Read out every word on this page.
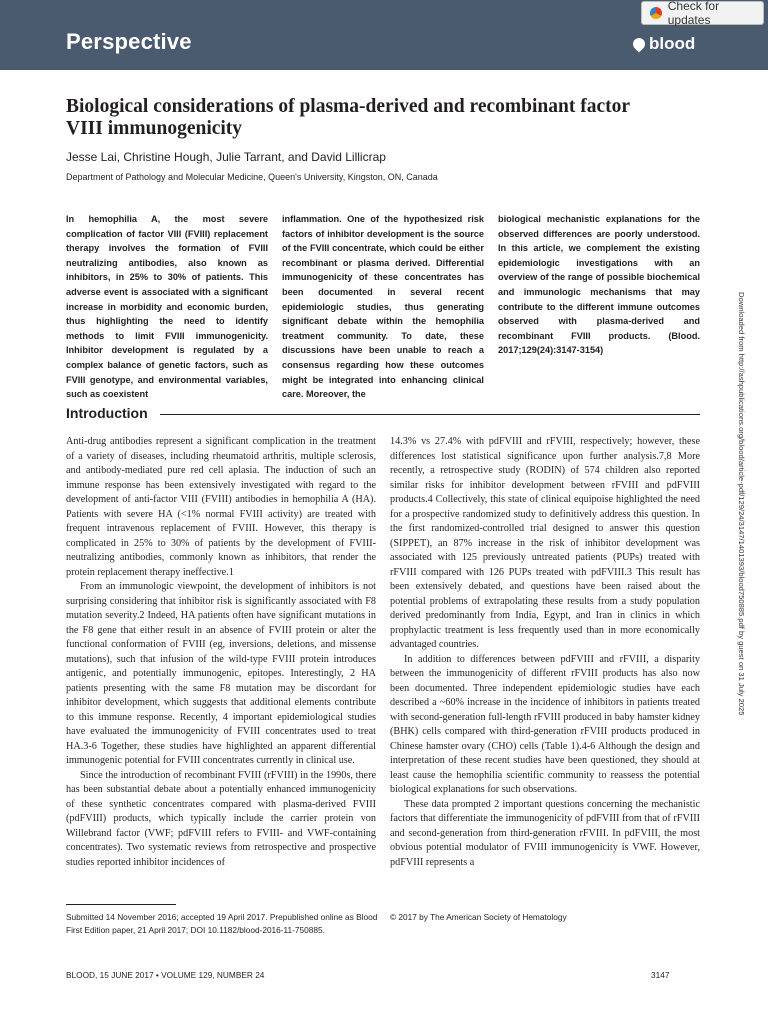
Perspective	blood
Check for updates
Biological considerations of plasma-derived and recombinant factor VIII immunogenicity
Jesse Lai, Christine Hough, Julie Tarrant, and David Lillicrap
Department of Pathology and Molecular Medicine, Queen's University, Kingston, ON, Canada

In hemophilia A, the most severe complication of factor VIII (FVIII) replacement therapy involves the formation of FVIII neutralizing antibodies, also known as inhibitors, in 25% to 30% of patients. This adverse event is associated with a significant increase in morbidity and economic burden, thus highlighting the need to identify methods to limit FVIII immunogenicity. Inhibitor development is regulated by a complex balance of genetic factors, such as FVIII genotype, and environmental variables, such as coexistent

inflammation. One of the hypothesized risk factors of inhibitor development is the source of the FVIII concentrate, which could be either recombinant or plasma derived. Differential immunogenicity of these concentrates has been documented in several recent epidemiologic studies, thus generating significant debate within the hemophilia treatment community. To date, these discussions have been unable to reach a consensus regarding how these outcomes might be integrated into enhancing clinical care. Moreover, the

biological mechanistic explanations for the observed differences are poorly understood. In this article, we complement the existing epidemiologic investigations with an overview of the range of possible biochemical and immunologic mechanisms that may contribute to the different immune outcomes observed with plasma-derived and recombinant FVIII products. (Blood. 2017;129(24):3147-3154)

Introduction

Anti-drug antibodies represent a significant complication in the treatment of a variety of diseases, including rheumatoid arthritis, multiple sclerosis, and antibody-mediated pure red cell aplasia. The induction of such an immune response has been extensively investigated with regard to the development of anti-factor VIII (FVIII) antibodies in hemophilia A (HA). Patients with severe HA (<1% normal FVIII activity) are treated with frequent intravenous replacement of FVIII. However, this therapy is complicated in 25% to 30% of patients by the development of FVIII-neutralizing antibodies, commonly known as inhibitors, that render the protein replacement therapy ineffective.1

From an immunologic viewpoint, the development of inhibitors is not surprising considering that inhibitor risk is significantly associated with F8 mutation severity.2 Indeed, HA patients often have significant mutations in the F8 gene that either result in an absence of FVIII protein or alter the functional conformation of FVIII (eg, inversions, deletions, and missense mutations), such that infusion of the wild-type FVIII protein introduces antigenic, and potentially immunogenic, epitopes. Interestingly, 2 HA patients presenting with the same F8 mutation may be discordant for inhibitor development, which suggests that additional elements contribute to this immune response. Recently, 4 important epidemiological studies have evaluated the immunogenicity of FVIII concentrates used to treat HA.3-6 Together, these studies have highlighted an apparent differential immunogenic potential for FVIII concentrates currently in clinical use.

Since the introduction of recombinant FVIII (rFVIII) in the 1990s, there has been substantial debate about a potentially enhanced immunogenicity of these synthetic concentrates compared with plasma-derived FVIII (pdFVIII) products, which typically include the carrier protein von Willebrand factor (VWF; pdFVIII refers to FVIII- and VWF-containing concentrates). Two systematic reviews from retrospective and prospective studies reported inhibitor incidences of

14.3% vs 27.4% with pdFVIII and rFVIII, respectively; however, these differences lost statistical significance upon further analysis.7,8 More recently, a retrospective study (RODIN) of 574 children also reported similar risks for inhibitor development between rFVIII and pdFVIII products.4 Collectively, this state of clinical equipoise highlighted the need for a prospective randomized study to definitively address this question. In the first randomized-controlled trial designed to answer this question (SIPPET), an 87% increase in the risk of inhibitor development was associated with 125 previously untreated patients (PUPs) treated with rFVIII compared with 126 PUPs treated with pdFVIII.3 This result has been extensively debated, and questions have been raised about the potential problems of extrapolating these results from a study population derived predominantly from India, Egypt, and Iran in clinics in which prophylactic treatment is less frequently used than in more economically advantaged countries.

In addition to differences between pdFVIII and rFVIII, a disparity between the immunogenicity of different rFVIII products has also now been documented. Three independent epidemiologic studies have each described a ~60% increase in the incidence of inhibitors in patients treated with second-generation full-length rFVIII produced in baby hamster kidney (BHK) cells compared with third-generation rFVIII products produced in Chinese hamster ovary (CHO) cells (Table 1).4-6 Although the design and interpretation of these recent studies have been questioned, they should at least cause the hemophilia scientific community to reassess the potential biological explanations for such observations.

These data prompted 2 important questions concerning the mechanistic factors that differentiate the immunogenicity of pdFVIII from that of rFVIII and second-generation from third-generation rFVIII. In pdFVIII, the most obvious potential modulator of FVIII immunogenicity is VWF. However, pdFVIII represents a

Submitted 14 November 2016; accepted 19 April 2017. Prepublished online as Blood First Edition paper, 21 April 2017; DOI 10.1182/blood-2016-11-750885.
© 2017 by The American Society of Hematology
BLOOD, 15 JUNE 2017 • VOLUME 129, NUMBER 24	3147
Downloaded from http://ashpublications.org/blood/article-pdf/129/24/3147/1401393/blood750885.pdf by guest on 31 July 2025
